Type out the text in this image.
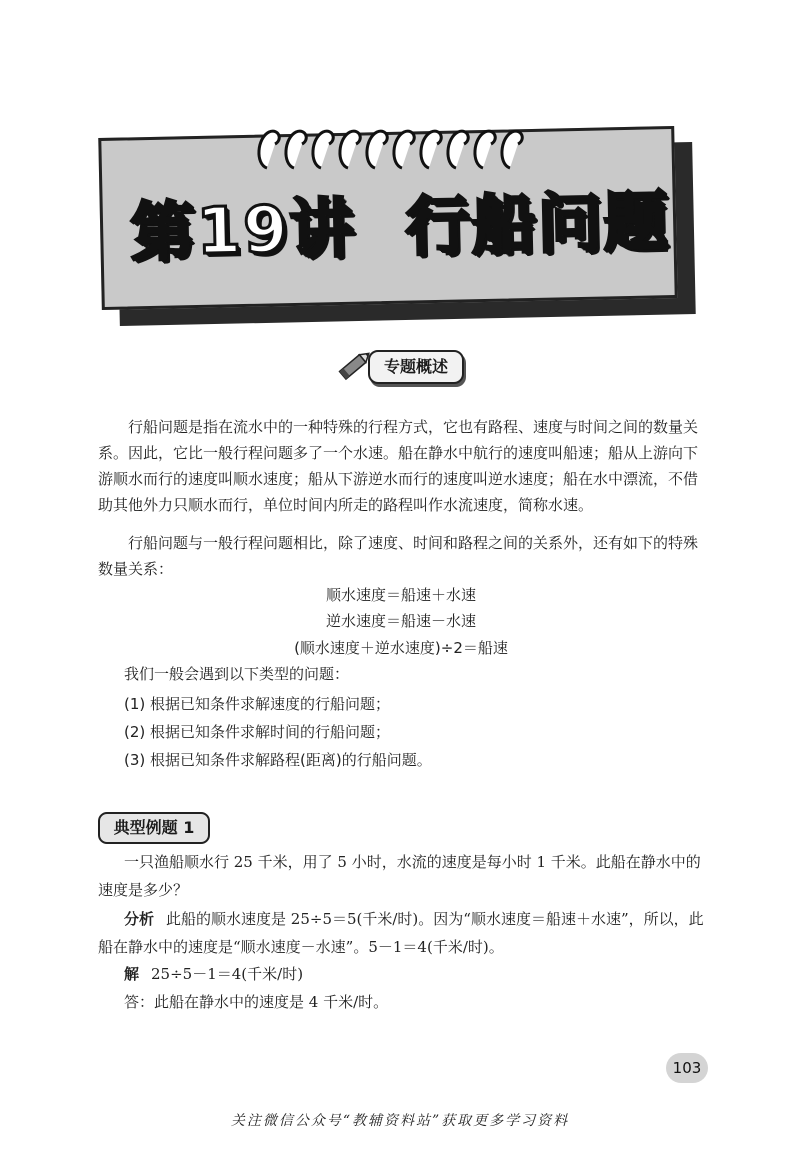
第19讲 行船问题
专题概述

行船问题是指在流水中的一种特殊的行程方式，它也有路程、速度与时间之间的数量关系。因此，它比一般行程问题多了一个水速。船在静水中航行的速度叫船速；船从上游向下游顺水而行的速度叫顺水速度；船从下游逆水而行的速度叫逆水速度；船在水中漂流，不借助其他外力只顺水而行，单位时间内所走的路程叫作水流速度，简称水速。

行船问题与一般行程问题相比，除了速度、时间和路程之间的关系外，还有如下的特殊数量关系：

顺水速度＝船速＋水速
逆水速度＝船速－水速
(顺水速度＋逆水速度)÷2＝船速
我们一般会遇到以下类型的问题：
(1) 根据已知条件求解速度的行船问题；
(2) 根据已知条件求解时间的行船问题；
(3) 根据已知条件求解路程(距离)的行船问题。
典型例题 1

一只渔船顺水行 25 千米，用了 5 小时，水流的速度是每小时 1 千米。此船在静水中的速度是多少？

分析 此船的顺水速度是 25÷5＝5(千米/时)。因为“顺水速度＝船速＋水速”，所以，此船在静水中的速度是“顺水速度－水速”。5－1＝4(千米/时)。

解 25÷5－1＝4(千米/时)
答：此船在静水中的速度是 4 千米/时。
103
关注微信公众号“教辅资料站”获取更多学习资料
